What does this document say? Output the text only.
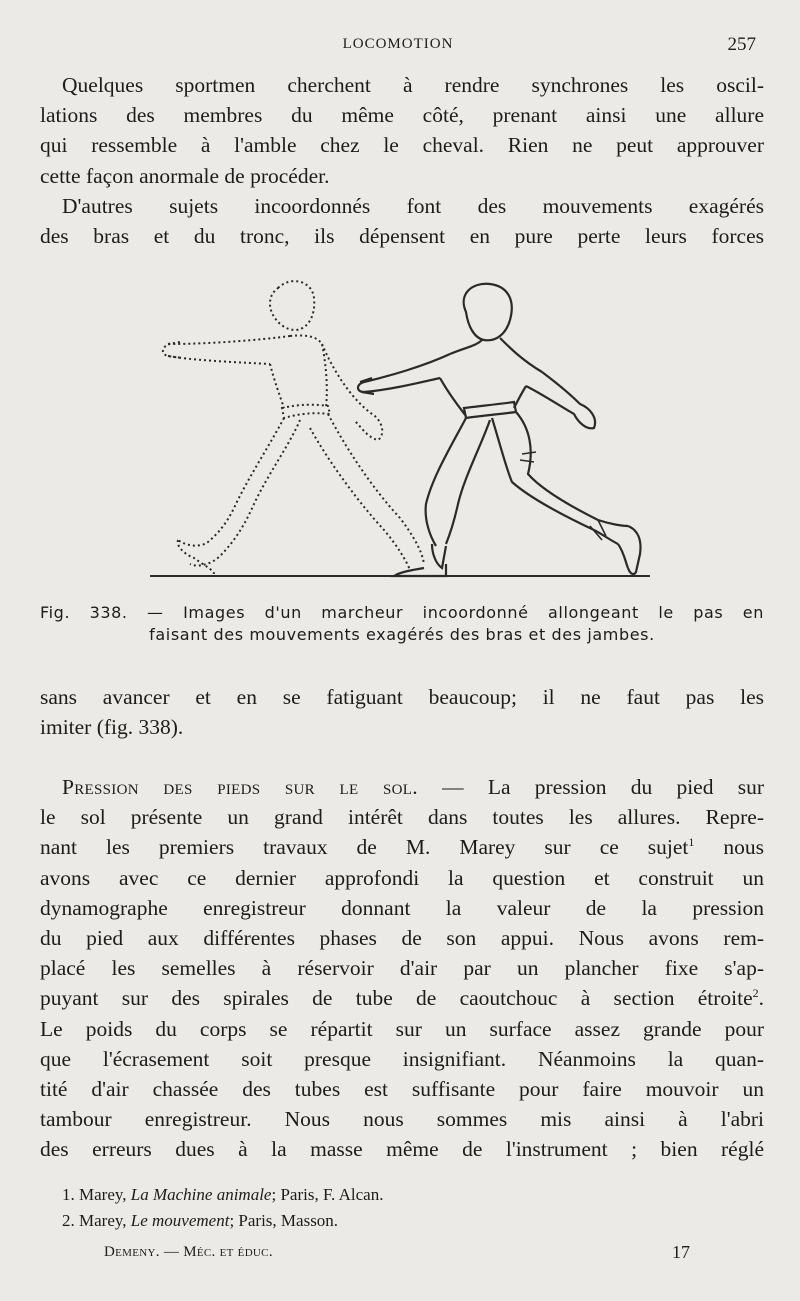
LOCOMOTION	257

Quelques sportmen cherchent à rendre synchrones les oscil-
lations des membres du même côté, prenant ainsi une allure
qui ressemble à l'amble chez le cheval. Rien ne peut approuver
cette façon anormale de procéder.

D'autres sujets incoordonnés font des mouvements exagérés
des bras et du tronc, ils dépensent en pure perte leurs forces

Fig. 338. — Images d'un marcheur incoordonné allongeant le pas en
faisant des mouvements exagérés des bras et des jambes.

sans avancer et en se fatiguant beaucoup; il ne faut pas les
imiter (fig. 338).

Pression des pieds sur le sol. — La pression du pied sur
le sol présente un grand intérêt dans toutes les allures. Repre-
nant les premiers travaux de M. Marey sur ce sujet$^1$ nous
avons avec ce dernier approfondi la question et construit un
dynamographe enregistreur donnant la valeur de la pression
du pied aux différentes phases de son appui. Nous avons rem-
placé les semelles à réservoir d'air par un plancher fixe s'ap-
puyant sur des spirales de tube de caoutchouc à section étroite$^2$.
Le poids du corps se répartit sur un surface assez grande pour
que l'écrasement soit presque insignifiant. Néanmoins la quan-
tité d'air chassée des tubes est suffisante pour faire mouvoir un
tambour enregistreur. Nous nous sommes mis ainsi à l'abri
des erreurs dues à la masse même de l'instrument ; bien réglé

1. Marey, La Machine animale; Paris, F. Alcan.
2. Marey, Le mouvement; Paris, Masson.
Demeny. — Méc. et éduc.	17
